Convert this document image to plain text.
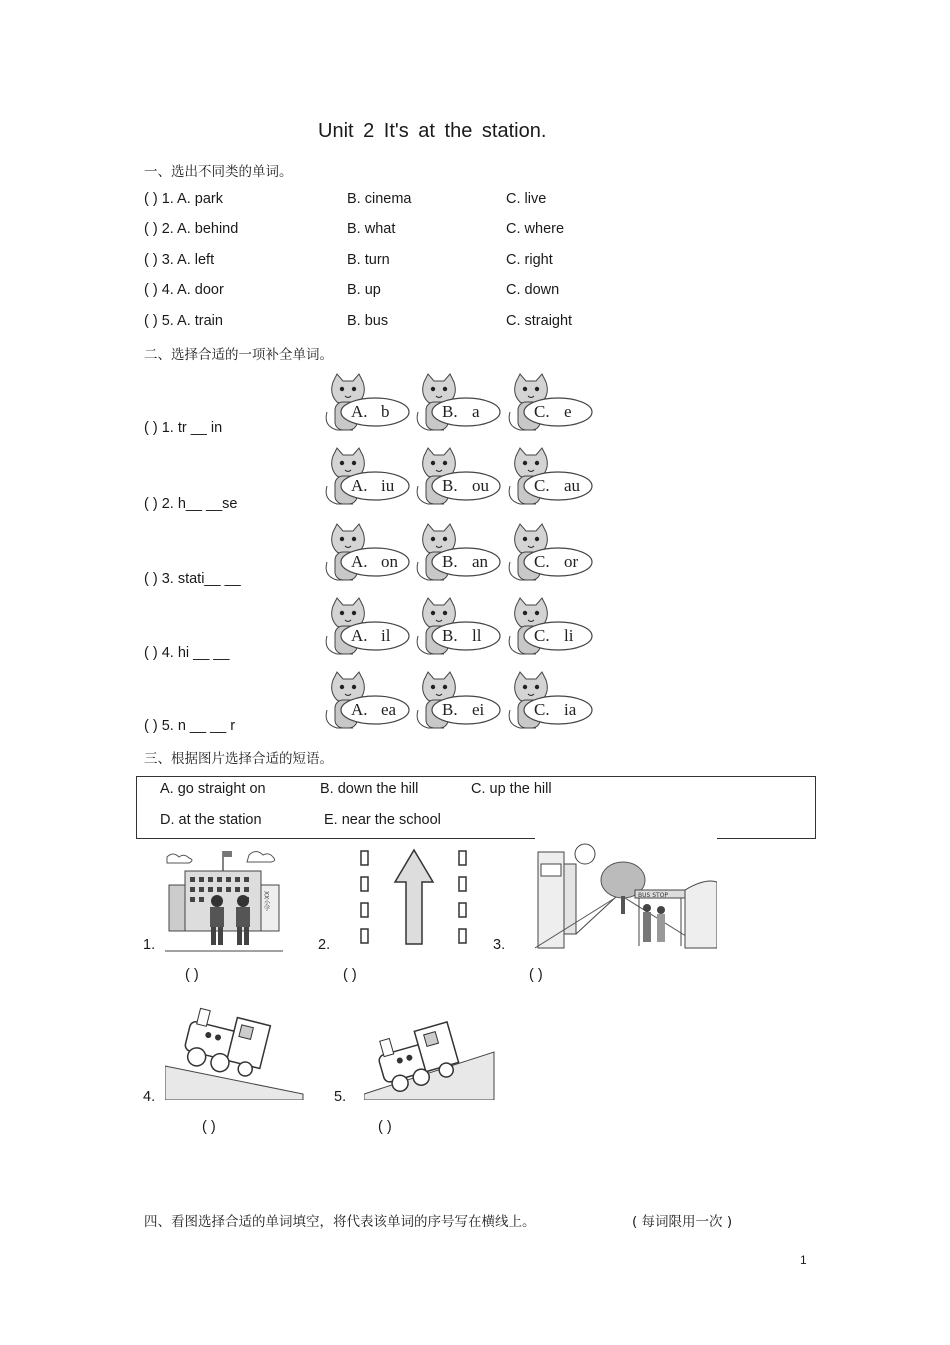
Unit 2 It's at the station.
一、选出不同类的单词。
( ) 1. A. park	B. cinema	C. live
( ) 2. A. behind	B. what	C. where
( ) 3. A. left	B. turn	C. right
( ) 4. A. door	B. up	C. down
( ) 5. A. train	B. bus	C. straight
二、选择合适的一项补全单词。
( ) 1. tr __ in
A. b	B. a	C. e
( ) 2. h__ __se
A. iu	B. ou	C. au
( ) 3. stati__ __
A. on	B. an	C. or
( ) 4. hi __ __
A. il	B. ll	C. li
( ) 5. n __ __ r
A. ea	B. ei	C. ia
三、根据图片选择合适的短语。
A. go straight on	B. down the hill	C. up the hill
D. at the station	E. near the school
1.
XX小学
( )
2.
( )
3.
BUS STOP
( )
4.
( )
5.
( )
四、看图选择合适的单词填空，将代表该单词的序号写在横线上。	( 每词限用一次 )
1
